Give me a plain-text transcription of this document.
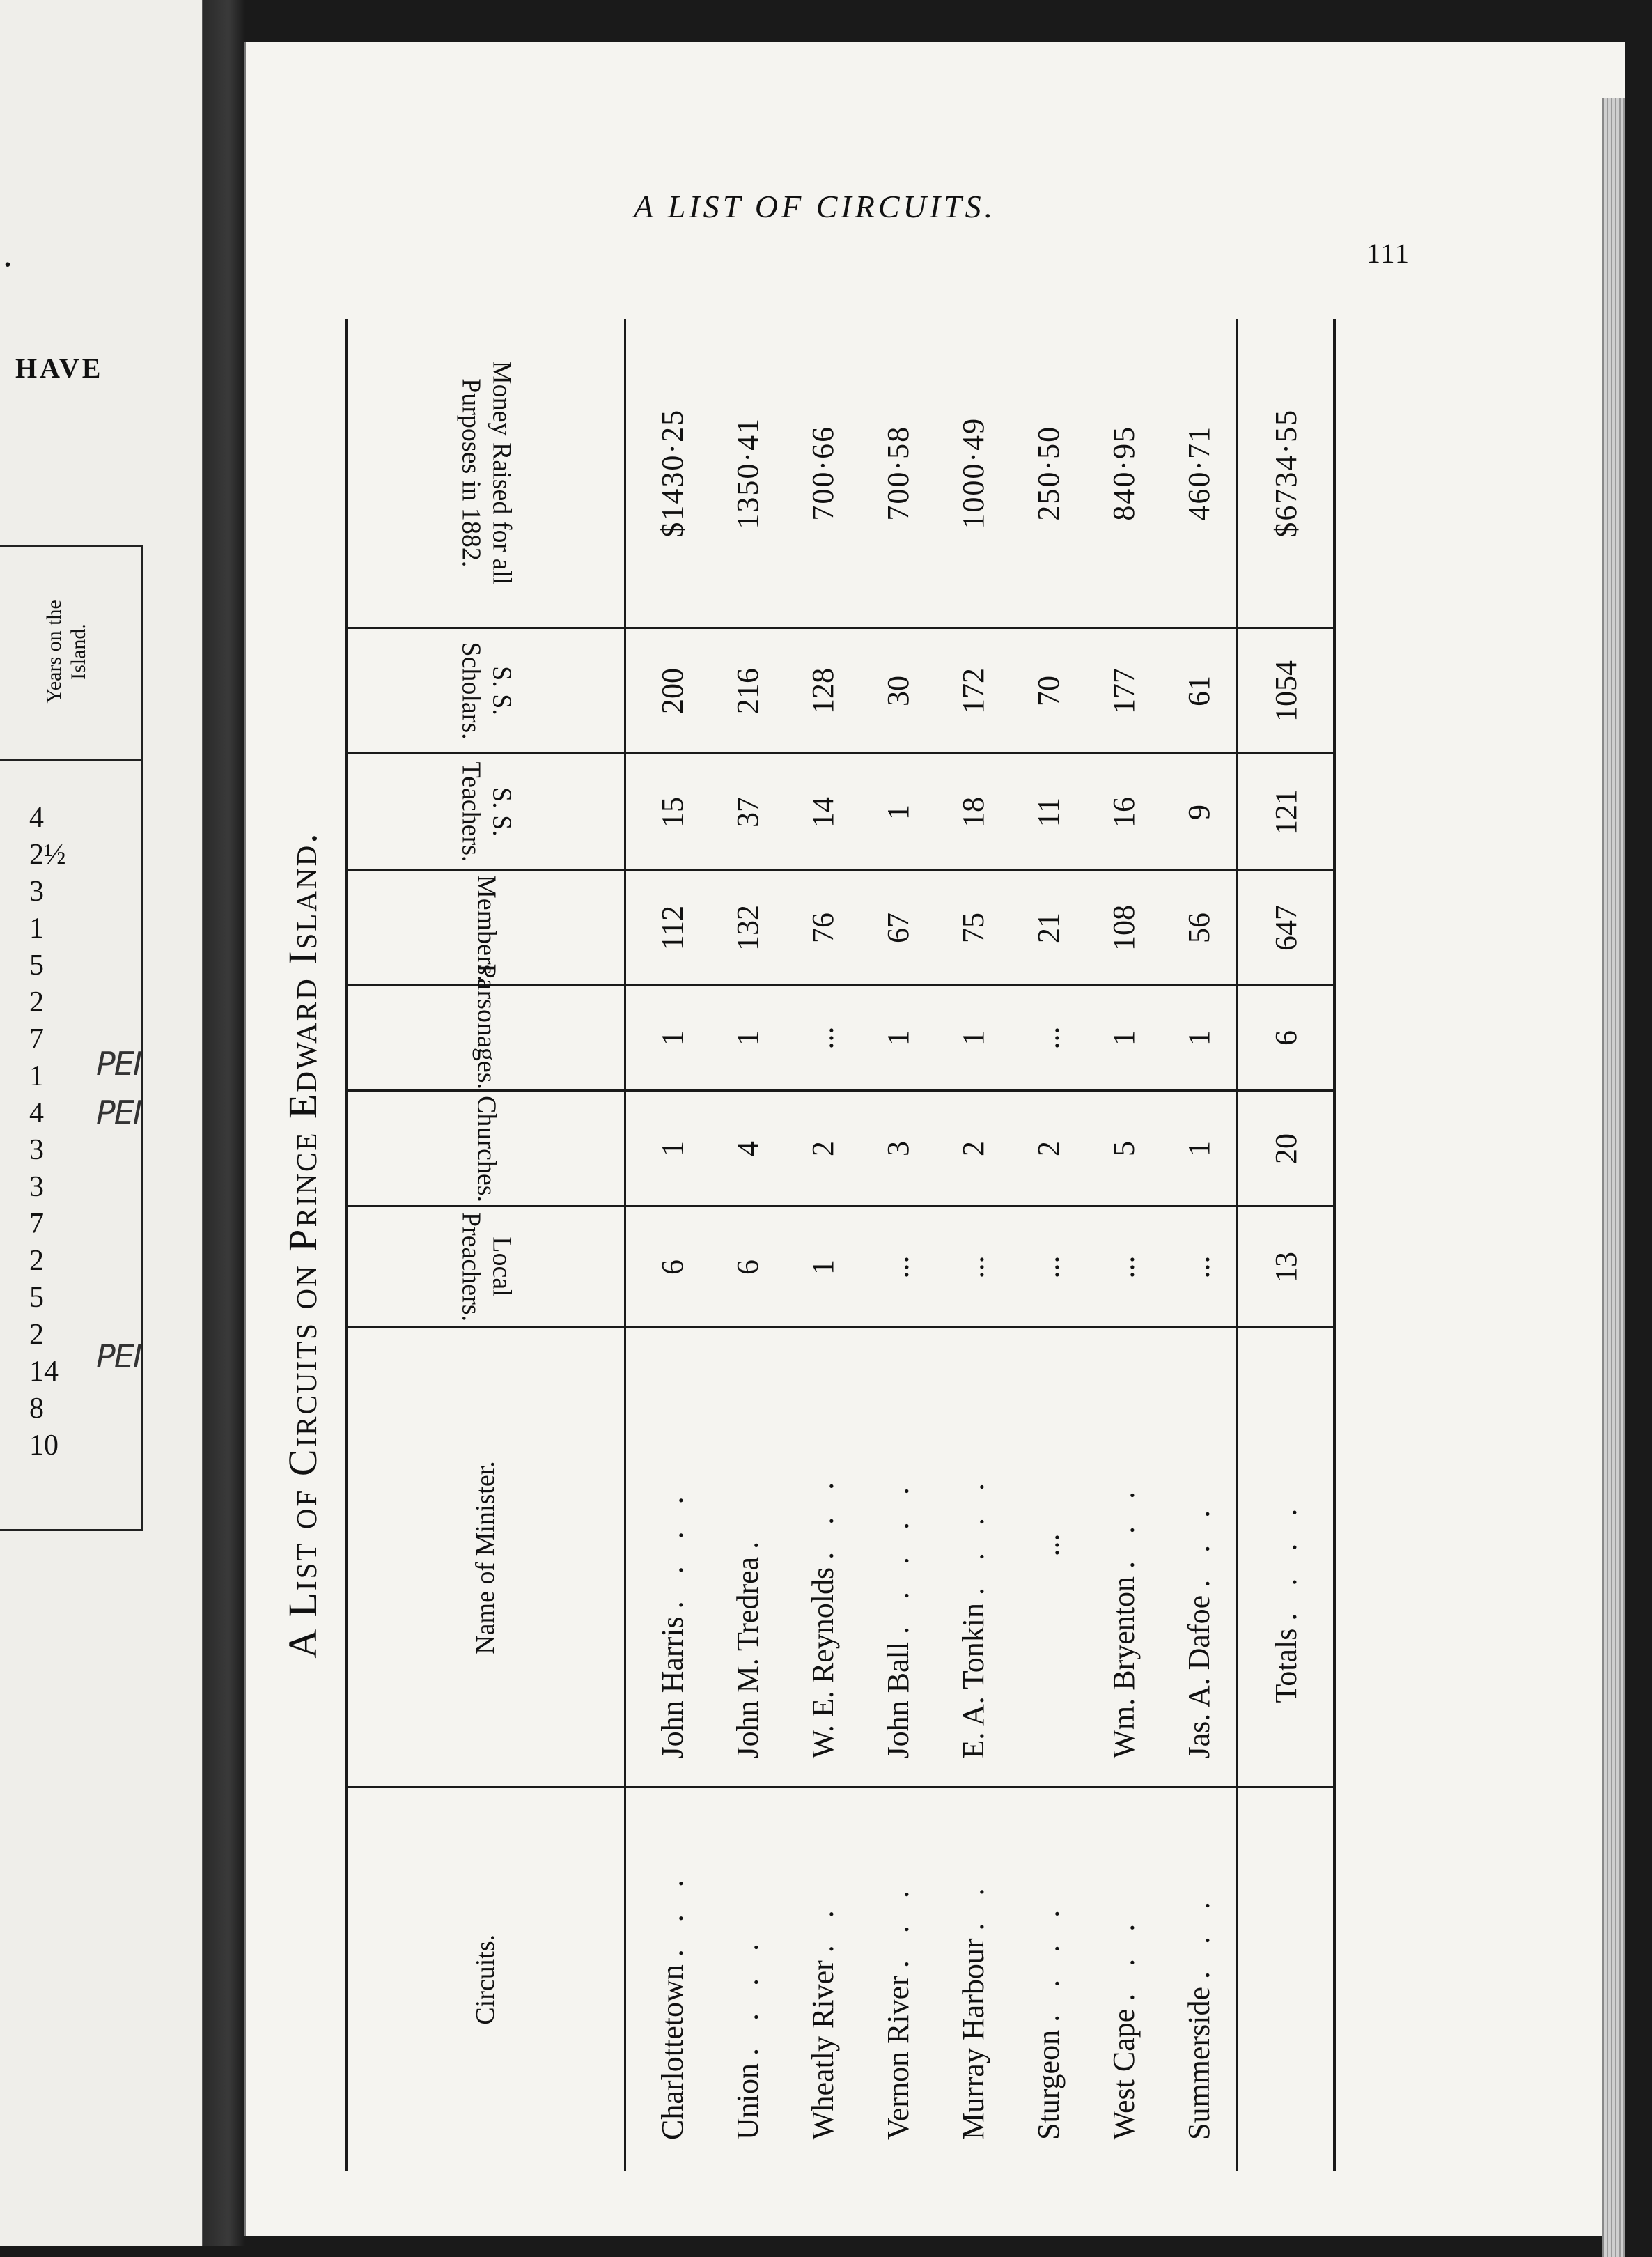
.
HAVE
Years on the
Island.
4
2½
3
1
5
2
7
1
4
3
3
7
2
5
2
14
8
10
PEI
PEI
PEI
A LIST OF CIRCUITS.
111
A List of Circuits on Prince Edward Island.
Circuits.	Name of Minister.	Local Preachers.	Churches.	Parsonages.	Members.	S. S. Teachers.	S. S. Scholars.	Money Raised for all Purposes in 1882.
Charlottetown . . .	John Harris . . . .	6	1	1	112	15	200	$1430·25
Union . . . .	John M. Tredrea .	6	4	1	132	37	216	1350·41
Wheatly River . .	W. E. Reynolds . . .	1	2	...	76	14	128	700·66
Vernon River . . .	John Ball . . . . .	...	3	1	67	1	30	700·58
Murray Harbour . .	E. A. Tonkin . . . .	...	2	1	75	18	172	1000·49
Sturgeon . . . .	...	...	2	...	21	11	70	250·50
West Cape . . .	Wm. Bryenton . . .	...	5	1	108	16	177	840·95
Summerside . . .	Jas. A. Dafoe . . .	...	1	1	56	9	61	460·71
	Totals . . . .	13	20	6	647	121	1054	$6734·55
